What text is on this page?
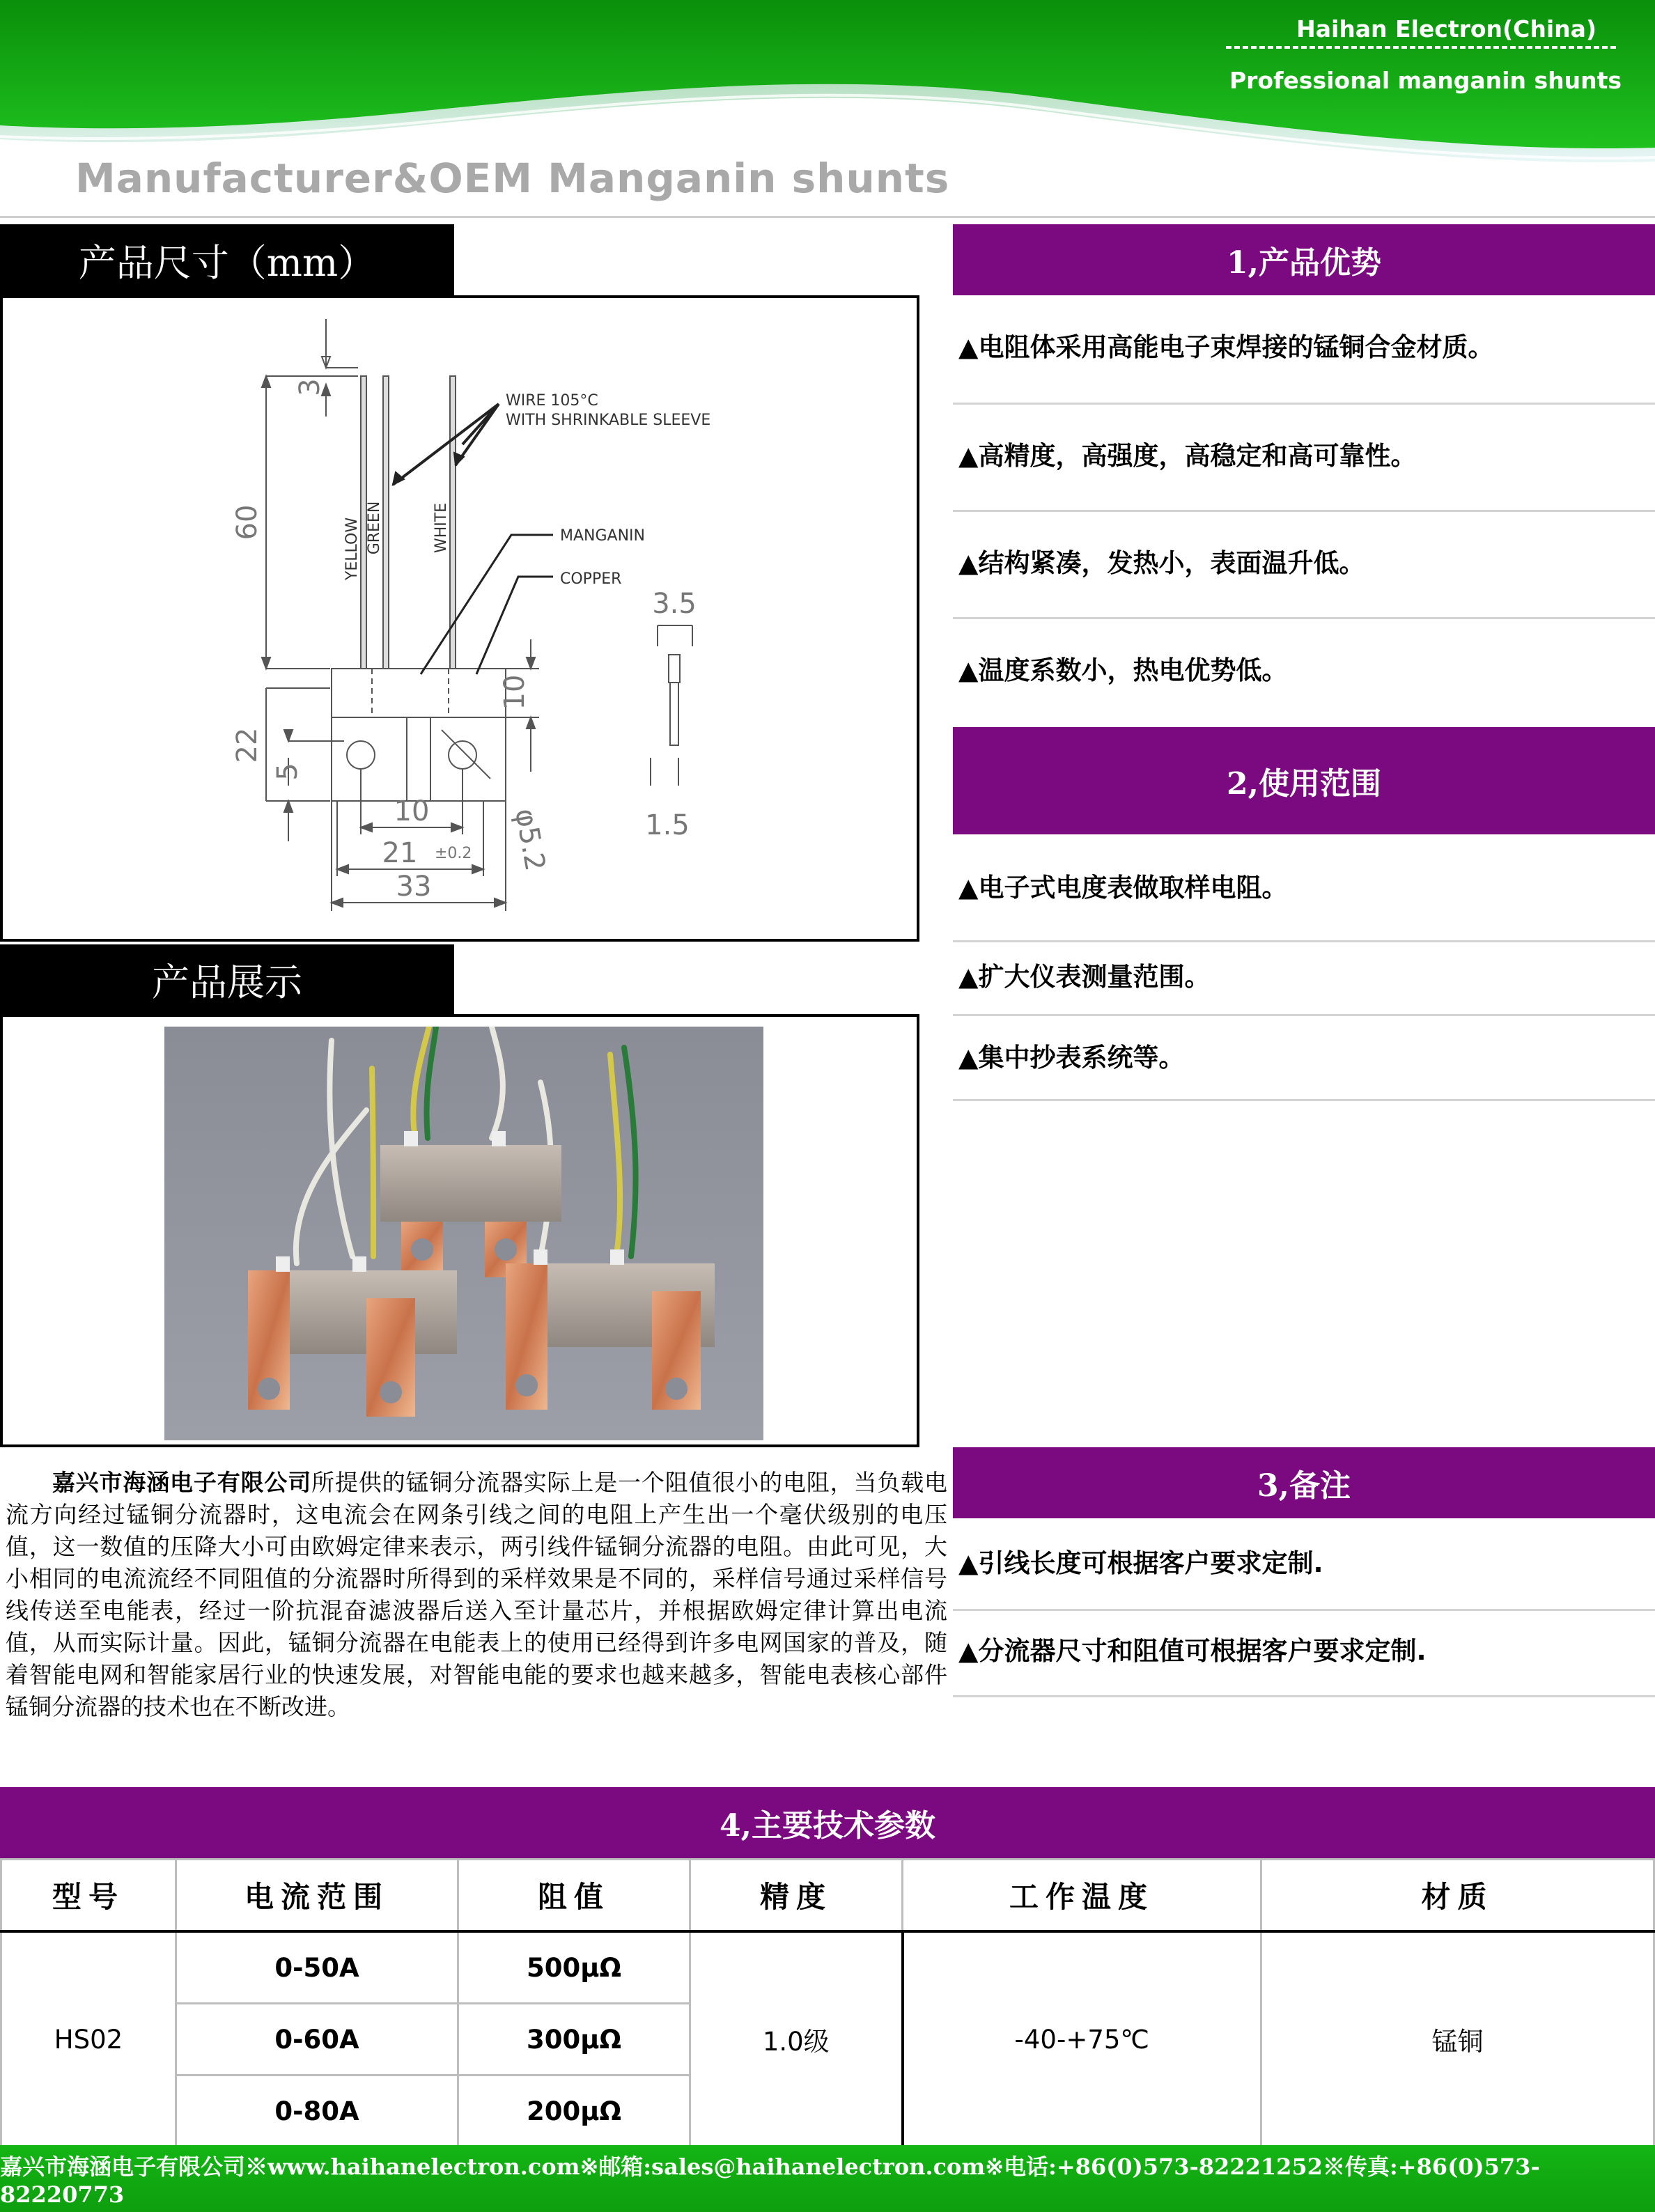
Haihan Electron(China)
Professional manganin shunts
Manufacturer&OEM Manganin shunts
产品尺寸（mm）
WIRE 105°C
WITH SHRINKABLE SLEEVE
MANGANIN
COPPER
YELLOW GREEN	WHITE
3
60
22
5
10
10
21
33
3.5
1.5
φ5.2
±0.2
产品展示
1,产品优势
▲电阻体采用高能电子束焊接的锰铜合金材质。
▲高精度，高强度，高稳定和高可靠性。
▲结构紧凑，发热小，表面温升低。
▲温度系数小，热电优势低。
2,使用范围
▲电子式电度表做取样电阻。
▲扩大仪表测量范围。
▲集中抄表系统等。
3,备注
▲引线长度可根据客户要求定制.
▲分流器尺寸和阻值可根据客户要求定制.
  嘉兴市海涵电子有限公司所提供的锰铜分流器实际上是一个阻值很小的电阻，当负载电流方向经过锰铜分流器时，这电流会在网条引线之间的电阻上产生出一个毫伏级别的电压值，这一数值的压降大小可由欧姆定律来表示，两引线件锰铜分流器的电阻。由此可见，大小相同的电流流经不同阻值的分流器时所得到的采样效果是不同的，采样信号通过采样信号线传送至电能表，经过一阶抗混奋滤波器后送入至计量芯片，并根据欧姆定律计算出电流值，从而实际计量。因此，锰铜分流器在电能表上的使用已经得到许多电网国家的普及，随着智能电网和智能家居行业的快速发展，对智能电能的要求也越来越多，智能电表核心部件锰铜分流器的技术也在不断改进。
4,主要技术参数
型号	电流范围	阻值	精度	工作温度	材质
HS02	0-50A	500μΩ	1.0级	-40-+75℃	锰铜
	0-60A	300μΩ			
	0-80A	200μΩ			
嘉兴市海涵电子有限公司※www.haihanelectron.com※邮箱:sales@haihanelectron.com※电话:+86(0)573-82221252※传真:+86(0)573-82220773
